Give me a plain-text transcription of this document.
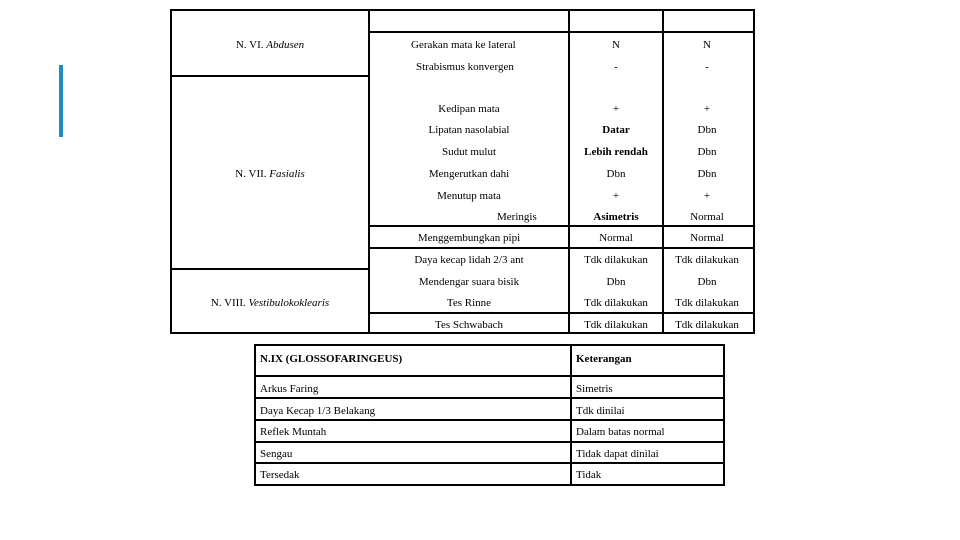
N. VI. Abdusen
N. VII. Fasialis
N. VIII. Vestibulokoklearis
Gerakan mata ke lateral	N	N
Strabismus konvergen	-	-
Kedipan mata	+	+
Lipatan nasolabial	Datar	Dbn
Sudut mulut	Lebih rendah	Dbn
Mengerutkan dahi	Dbn	Dbn
Menutup mata	+	+
Meringis	Asimetris	Normal
Menggembungkan pipi	Normal	Normal
Daya kecap lidah 2/3 ant	Tdk dilakukan Tdk dilakukan
Mendengar suara bisik	Dbn	Dbn
Tes Rinne	Tdk dilakukan Tdk dilakukan
Tes Schwabach	Tdk dilakukan Tdk dilakukan
N.IX (GLOSSOFARINGEUS)	Keterangan
Arkus Faring	Simetris
Daya Kecap 1/3 Belakang	Tdk dinilai
Reflek Muntah	Dalam batas normal
Sengau	Tidak dapat dinilai
Tersedak	Tidak
